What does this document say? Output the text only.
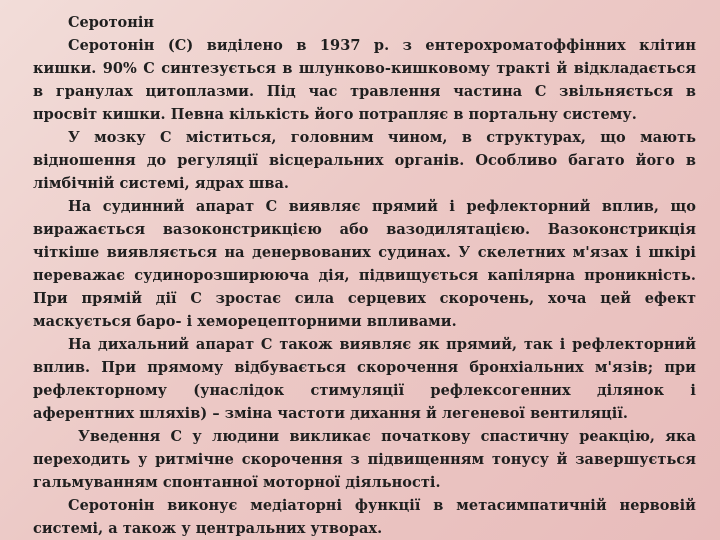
Серотонін

Серотонін (С) виділено в 1937 р. з ентерохроматоффінних клітин кишки. 90% С синтезується в шлунково-кишковому тракті й відкладається в гранулах цитоплазми. Під час травлення частина С звільняється в просвіт кишки. Певна кількість його потрапляє в портальну систему.

У мозку С міститься, головним чином, в структурах, що мають відношення до регуляції вісцеральних органів. Особливо багато його в лімбічній системі, ядрах шва.

На судинний апарат С виявляє прямий і рефлекторний вплив, що виражається вазоконстрикцією або вазодилятацією. Вазоконстрикція чіткіше виявляється на денервованих судинах. У скелетних м'язах і шкірі переважає судинорозширююча дія, підвищується капілярна проникність. При прямій дії С зростає сила серцевих скорочень, хоча цей ефект маскується баро- і хеморецепторними впливами.

На дихальний апарат С також виявляє як прямий, так і рефлекторний вплив. При прямому відбувається скорочення бронхіальних м'язів; при рефлекторному (унаслідок стимуляції рефлексогенних ділянок і аферентних шляхів) – зміна частоти дихання й легеневої вентиляції.

Уведення С у людини викликає початкову спастичну реакцію, яка переходить у ритмічне скорочення з підвищенням тонусу й завершується гальмуванням спонтанної моторної діяльності.

Серотонін виконує медіаторні функції в метасимпатичній нервовій системі, а також у центральних утворах.
